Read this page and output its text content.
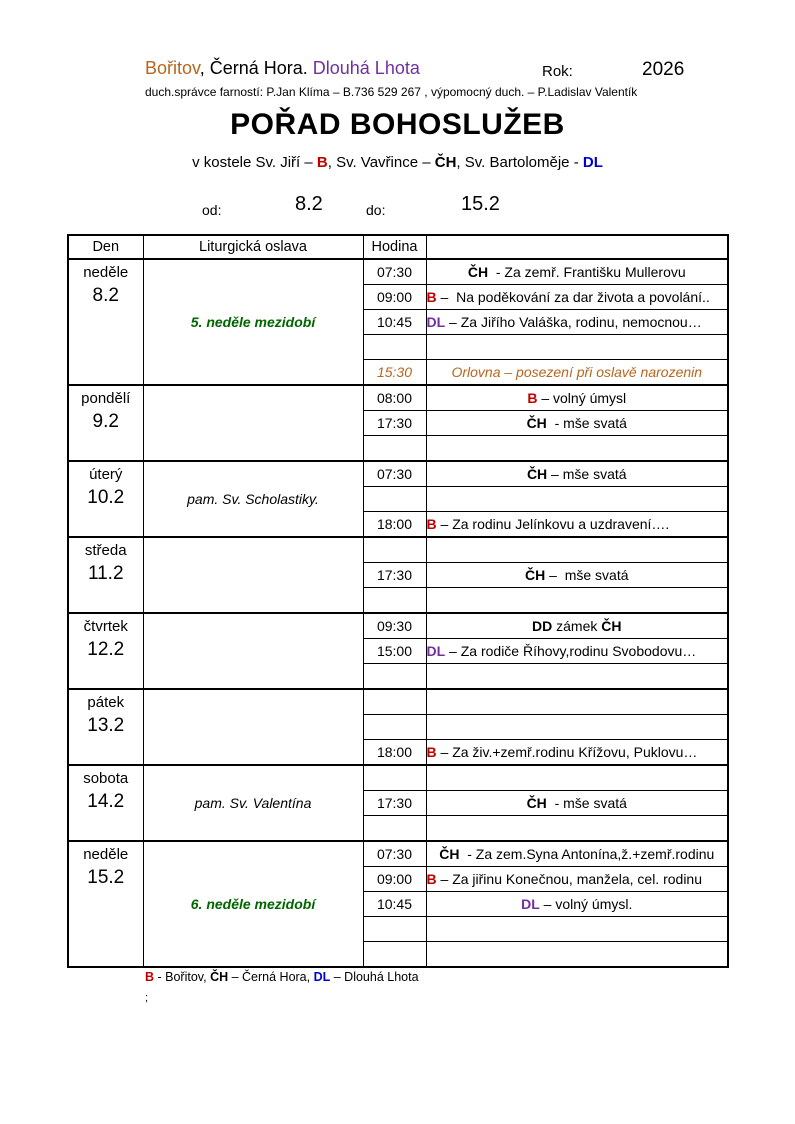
Bořitov, Černá Hora. Dlouhá Lhota	Rok:	2026
duch.správce farností: P.Jan Klíma – B.736 529 267 , výpomocný duch. – P.Ladislav Valentík
POŘAD BOHOSLUŽEB
v kostele Sv. Jiří – B, Sv. Vavřince – ČH, Sv. Bartoloměje - DL
od:	8.2	do:	15.2
Den	Liturgická oslava	Hodina	

neděle
8.2	5. neděle mezidobí	07:30	ČH  - Za zemř. Františku Mullerovu
		09:00	B –  Na poděkování za dar života a povolání..
		10:45	DL – Za Jiřího Valáška, rodinu, nemocnou…

		15:30	Orlovna – posezení při oslavě narozenin

pondělí
9.2		08:00	B – volný úmysl
		17:30	ČH  - mše svatá

úterý
10.2	pam. Sv. Scholastiky.	07:30	ČH – mše svatá

		18:00	B – Za rodinu Jelínkovu a uzdravení….

středa
11.2			

		17:30	ČH –  mše svatá

čtvrtek
12.2		09:30	DD zámek ČH
		15:00	DL – Za rodiče Říhovy,rodinu Svobodovu…

pátek
13.2			

		18:00	B – Za živ.+zemř.rodinu Křížovu, Puklovu…

sobota
14.2	pam. Sv. Valentína		
		17:30	ČH  - mše svatá

neděle
15.2	6. neděle mezidobí	07:30	ČH  - Za zem.Syna Antonína,ž.+zemř.rodinu
		09:00	B – Za jiřinu Konečnou, manžela, cel. rodinu
		10:45	DL – volný úmysl.

B - Bořitov, ČH – Černá Hora, DL – Dlouhá Lhota
;
